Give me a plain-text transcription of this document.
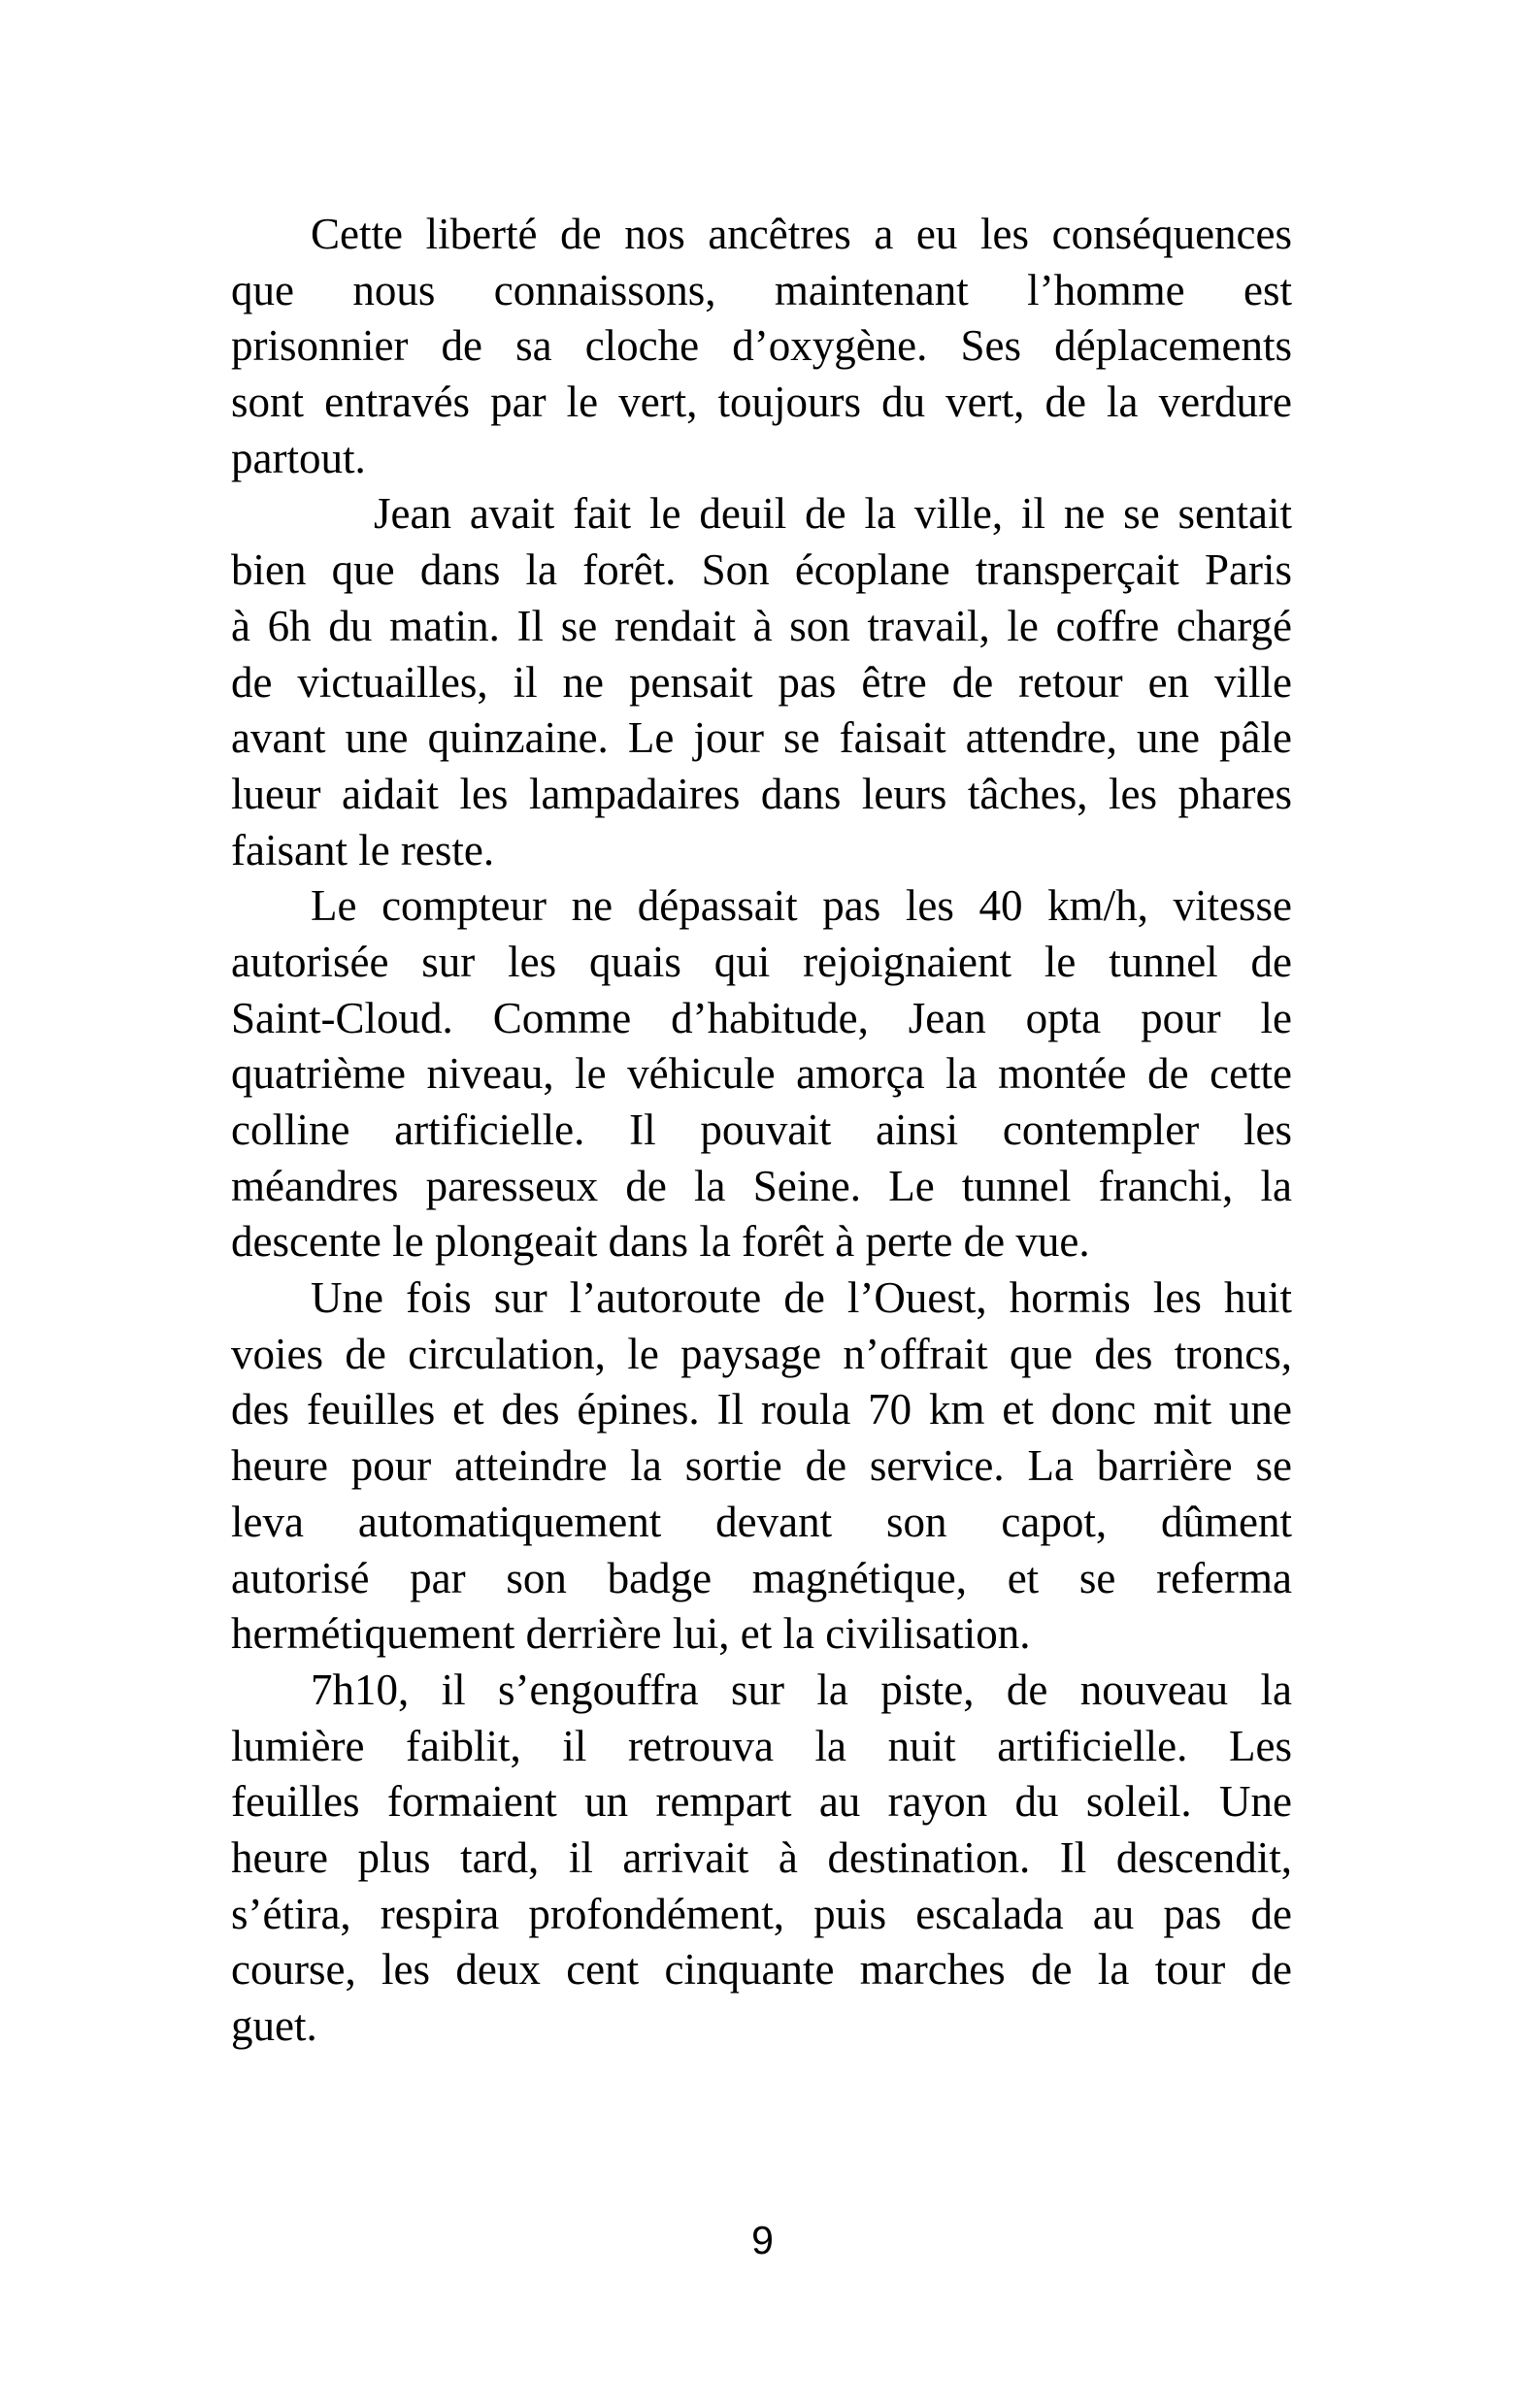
Cette liberté de nos ancêtres a eu les conséquences
que nous connaissons, maintenant l’homme est
prisonnier de sa cloche d’oxygène. Ses déplacements
sont entravés par le vert, toujours du vert, de la verdure
partout.
Jean avait fait le deuil de la ville, il ne se sentait
bien que dans la forêt. Son écoplane transperçait Paris
à 6h du matin. Il se rendait à son travail, le coffre chargé
de victuailles, il ne pensait pas être de retour en ville
avant une quinzaine. Le jour se faisait attendre, une pâle
lueur aidait les lampadaires dans leurs tâches, les phares
faisant le reste.
Le compteur ne dépassait pas les 40 km/h, vitesse
autorisée sur les quais qui rejoignaient le tunnel de
Saint-Cloud. Comme d’habitude, Jean opta pour le
quatrième niveau, le véhicule amorça la montée de cette
colline artificielle. Il pouvait ainsi contempler les
méandres paresseux de la Seine. Le tunnel franchi, la
descente le plongeait dans la forêt à perte de vue.
Une fois sur l’autoroute de l’Ouest, hormis les huit
voies de circulation, le paysage n’offrait que des troncs,
des feuilles et des épines. Il roula 70 km et donc mit une
heure pour atteindre la sortie de service. La barrière se
leva automatiquement devant son capot, dûment
autorisé par son badge magnétique, et se referma
hermétiquement derrière lui, et la civilisation.
7h10, il s’engouffra sur la piste, de nouveau la
lumière faiblit, il retrouva la nuit artificielle. Les
feuilles formaient un rempart au rayon du soleil. Une
heure plus tard, il arrivait à destination. Il descendit,
s’étira, respira profondément, puis escalada au pas de
course, les deux cent cinquante marches de la tour de
guet.
9
